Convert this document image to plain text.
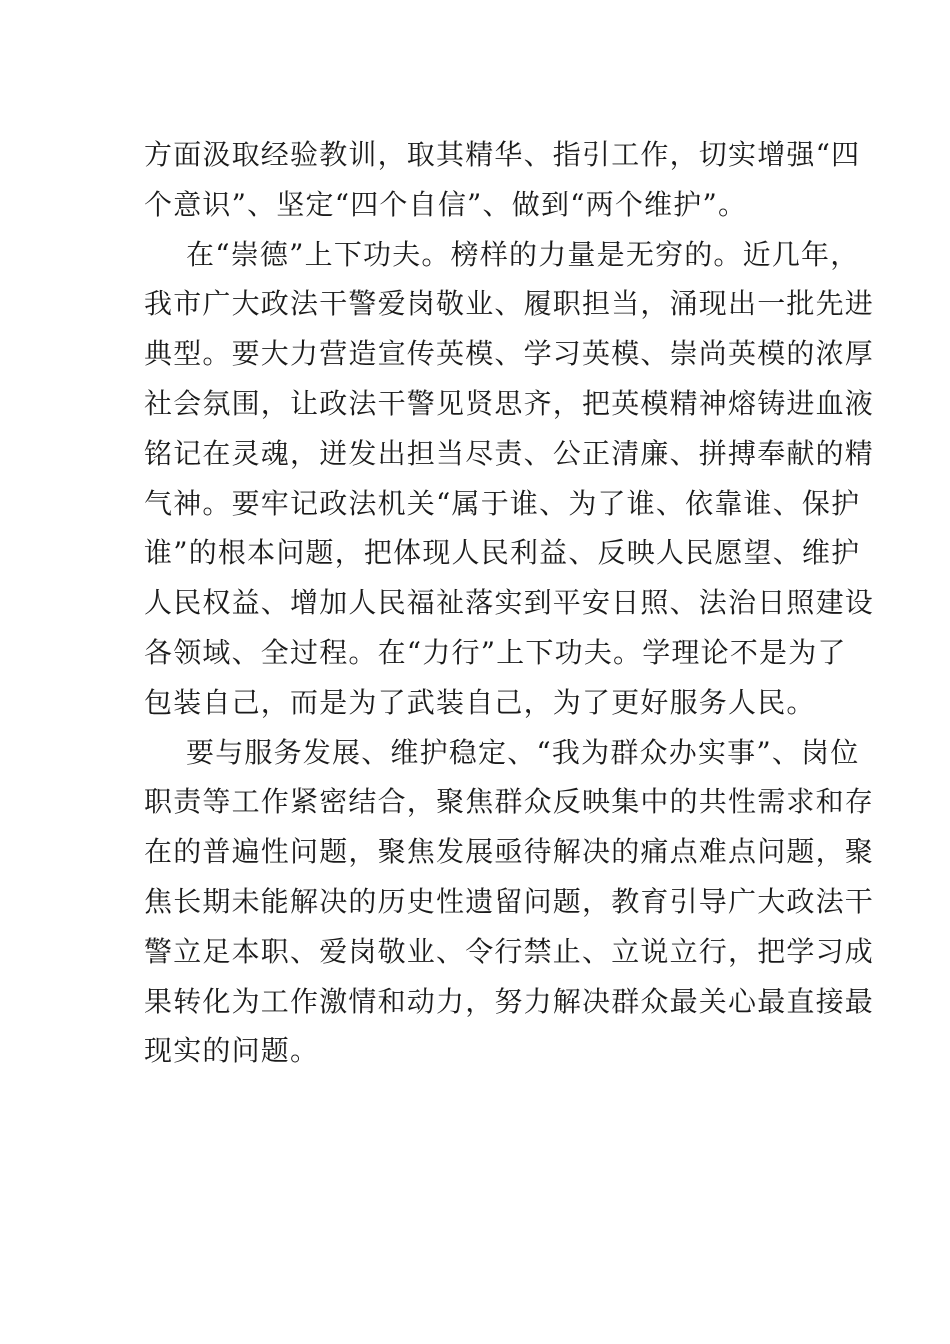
方面汲取经验教训，取其精华、指引工作，切实增强“四
个意识”、坚定“四个自信”、做到“两个维护”。
在“崇德”上下功夫。榜样的力量是无穷的。近几年，
我市广大政法干警爱岗敬业、履职担当，涌现出一批先进
典型。要大力营造宣传英模、学习英模、崇尚英模的浓厚
社会氛围，让政法干警见贤思齐，把英模精神熔铸进血液
铭记在灵魂，迸发出担当尽责、公正清廉、拼搏奉献的精
气神。要牢记政法机关“属于谁、为了谁、依靠谁、保护
谁”的根本问题，把体现人民利益、反映人民愿望、维护
人民权益、增加人民福祉落实到平安日照、法治日照建设
各领域、全过程。在“力行”上下功夫。学理论不是为了
包装自己，而是为了武装自己，为了更好服务人民。
要与服务发展、维护稳定、“我为群众办实事”、岗位
职责等工作紧密结合，聚焦群众反映集中的共性需求和存
在的普遍性问题，聚焦发展亟待解决的痛点难点问题，聚
焦长期未能解决的历史性遗留问题，教育引导广大政法干
警立足本职、爱岗敬业、令行禁止、立说立行，把学习成
果转化为工作激情和动力，努力解决群众最关心最直接最
现实的问题。
